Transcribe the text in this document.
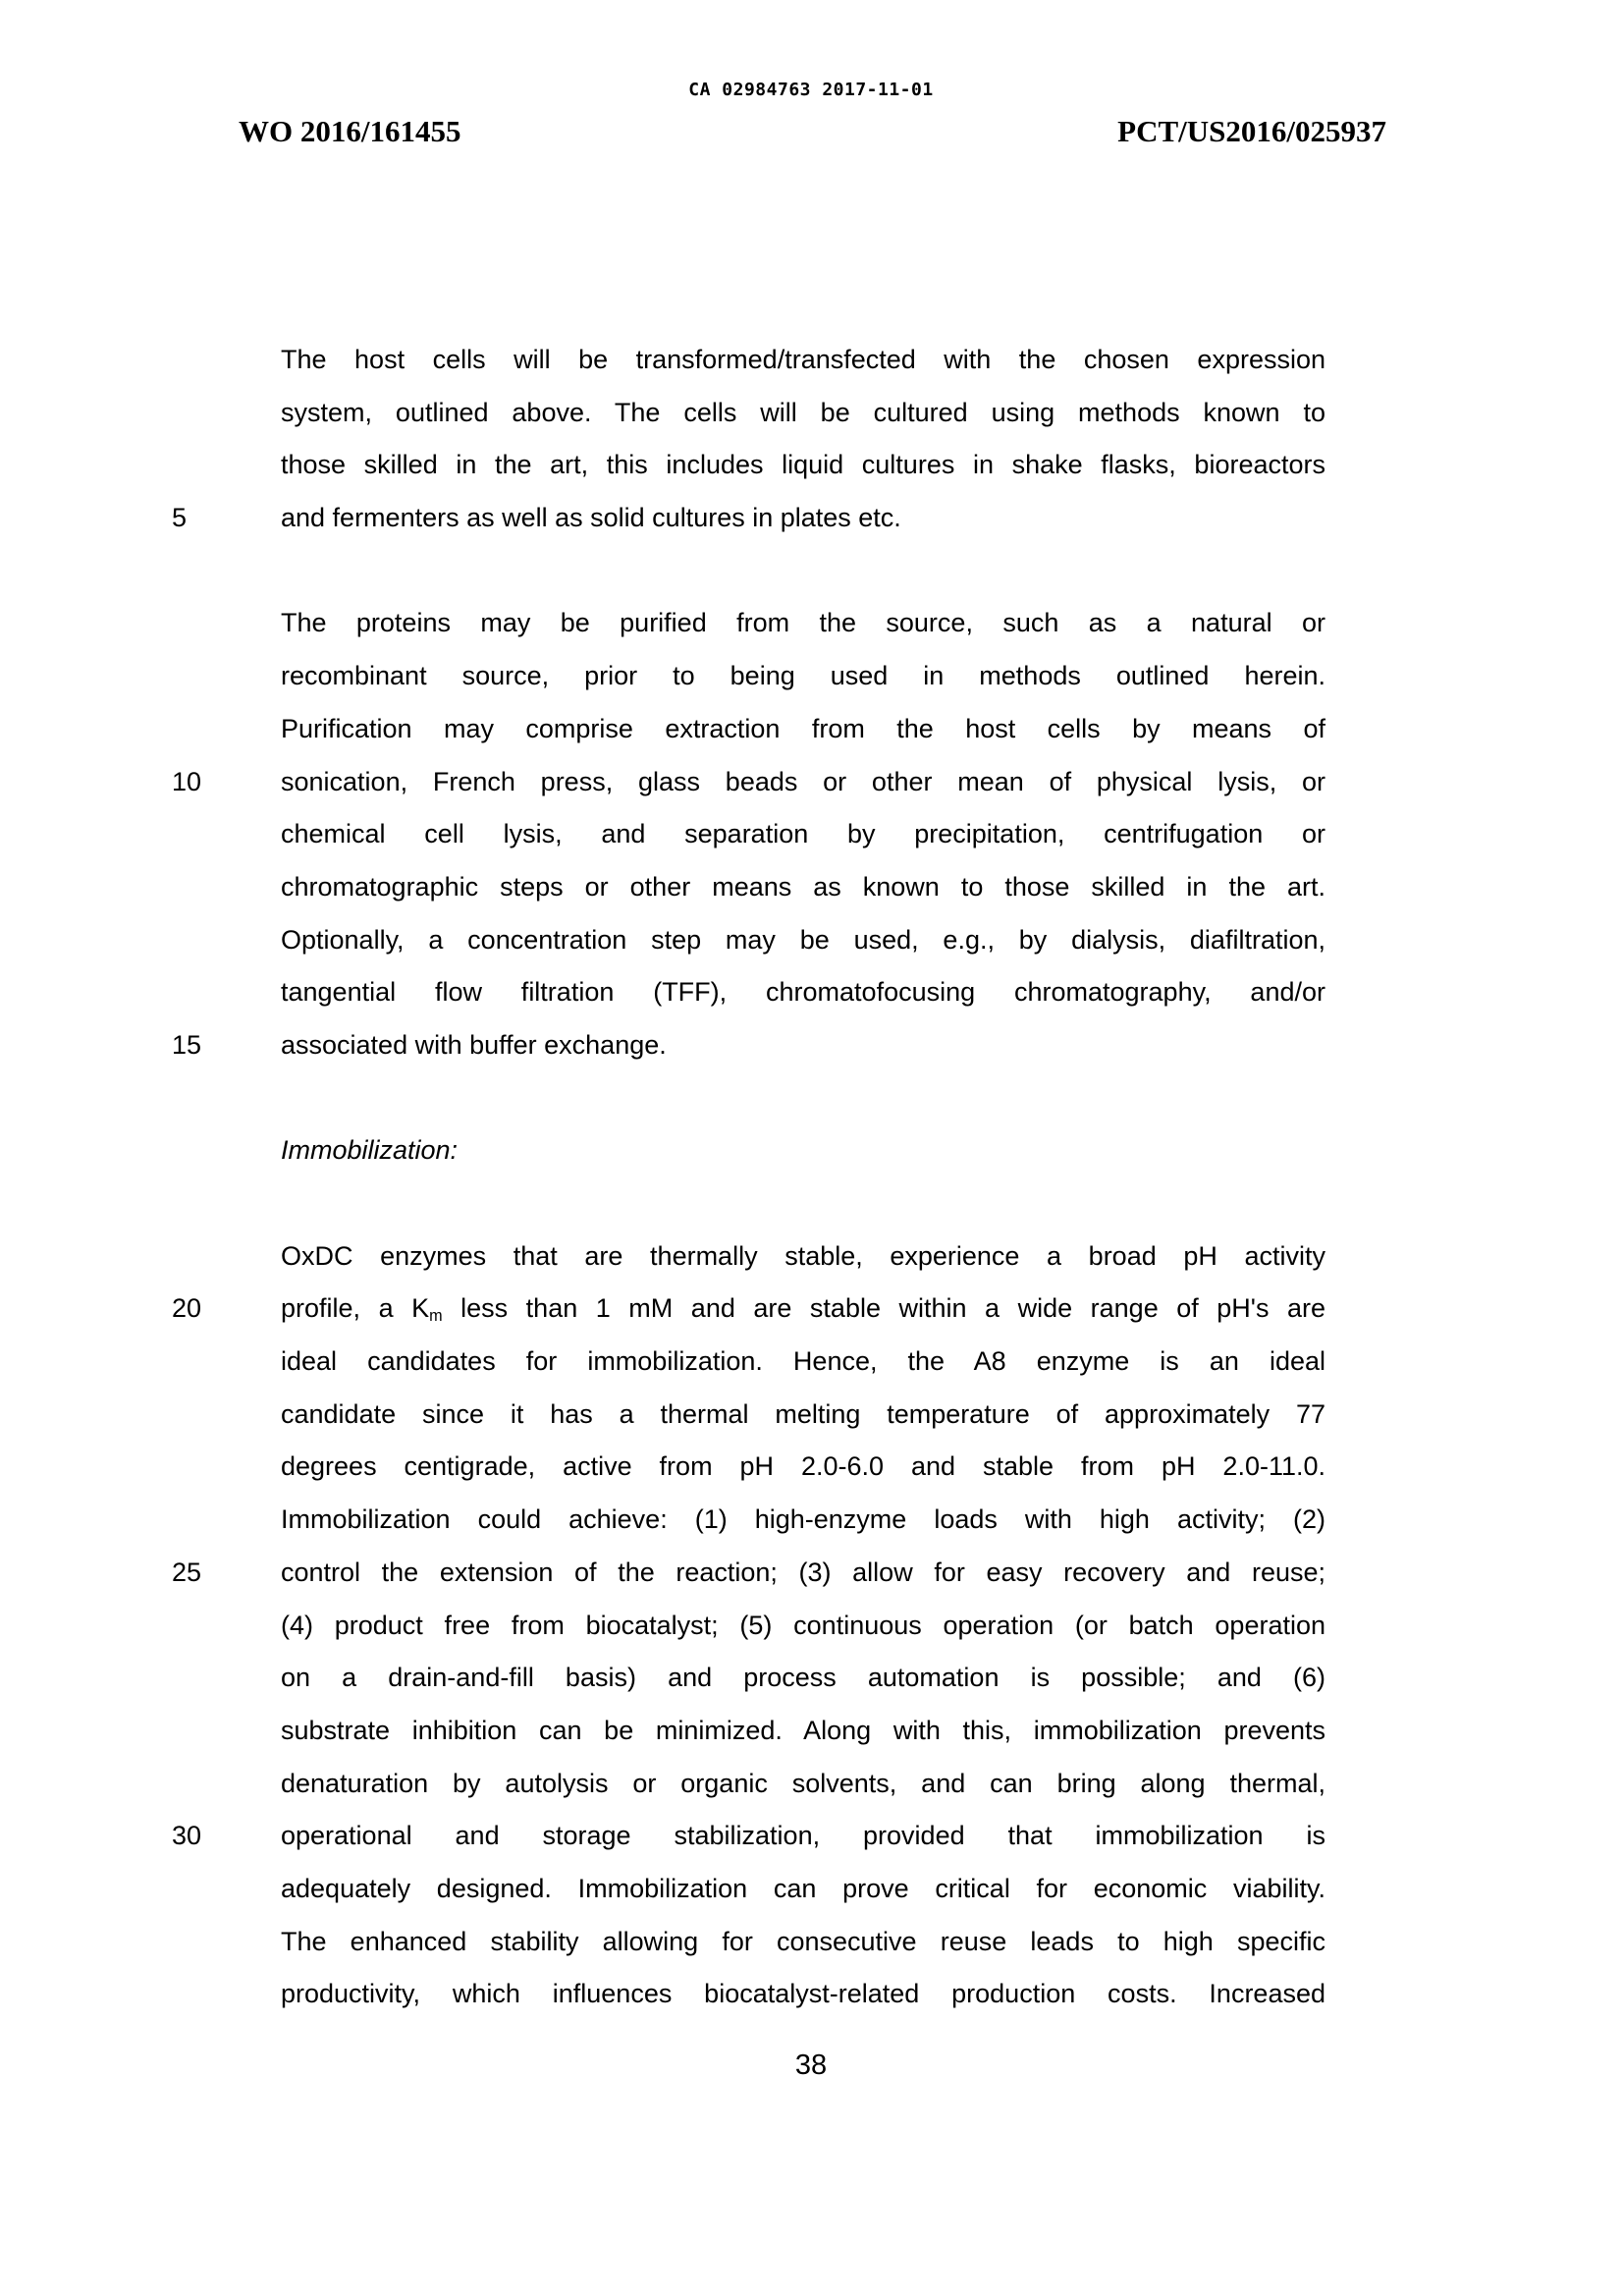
CA 02984763 2017-11-01
WO 2016/161455	PCT/US2016/025937
The host cells will be transformed/transfected with the chosen expression
system, outlined above. The cells will be cultured using methods known to
those skilled in the art, this includes liquid cultures in shake flasks, bioreactors
5	and fermenters as well as solid cultures in plates etc.
The proteins may be purified from the source, such as a natural or
recombinant source, prior to being used in methods outlined herein.
Purification may comprise extraction from the host cells by means of
10	sonication, French press, glass beads or other mean of physical lysis, or
chemical cell lysis, and separation by precipitation, centrifugation or
chromatographic steps or other means as known to those skilled in the art.
Optionally, a concentration step may be used, e.g., by dialysis, diafiltration,
tangential flow filtration (TFF), chromatofocusing chromatography, and/or
15	associated with buffer exchange.
Immobilization:
OxDC enzymes that are thermally stable, experience a broad pH activity
20	profile, a $K_m$ less than 1 mM and are stable within a wide range of pH's are
ideal candidates for immobilization. Hence, the A8 enzyme is an ideal
candidate since it has a thermal melting temperature of approximately 77
degrees centigrade, active from pH 2.0-6.0 and stable from pH 2.0-11.0.
Immobilization could achieve: (1) high-enzyme loads with high activity; (2)
25	control the extension of the reaction; (3) allow for easy recovery and reuse;
(4) product free from biocatalyst; (5) continuous operation (or batch operation
on a drain-and-fill basis) and process automation is possible; and (6)
substrate inhibition can be minimized. Along with this, immobilization prevents
denaturation by autolysis or organic solvents, and can bring along thermal,
30	operational and storage stabilization, provided that immobilization is
adequately designed. Immobilization can prove critical for economic viability.
The enhanced stability allowing for consecutive reuse leads to high specific
productivity, which influences biocatalyst-related production costs. Increased
38
